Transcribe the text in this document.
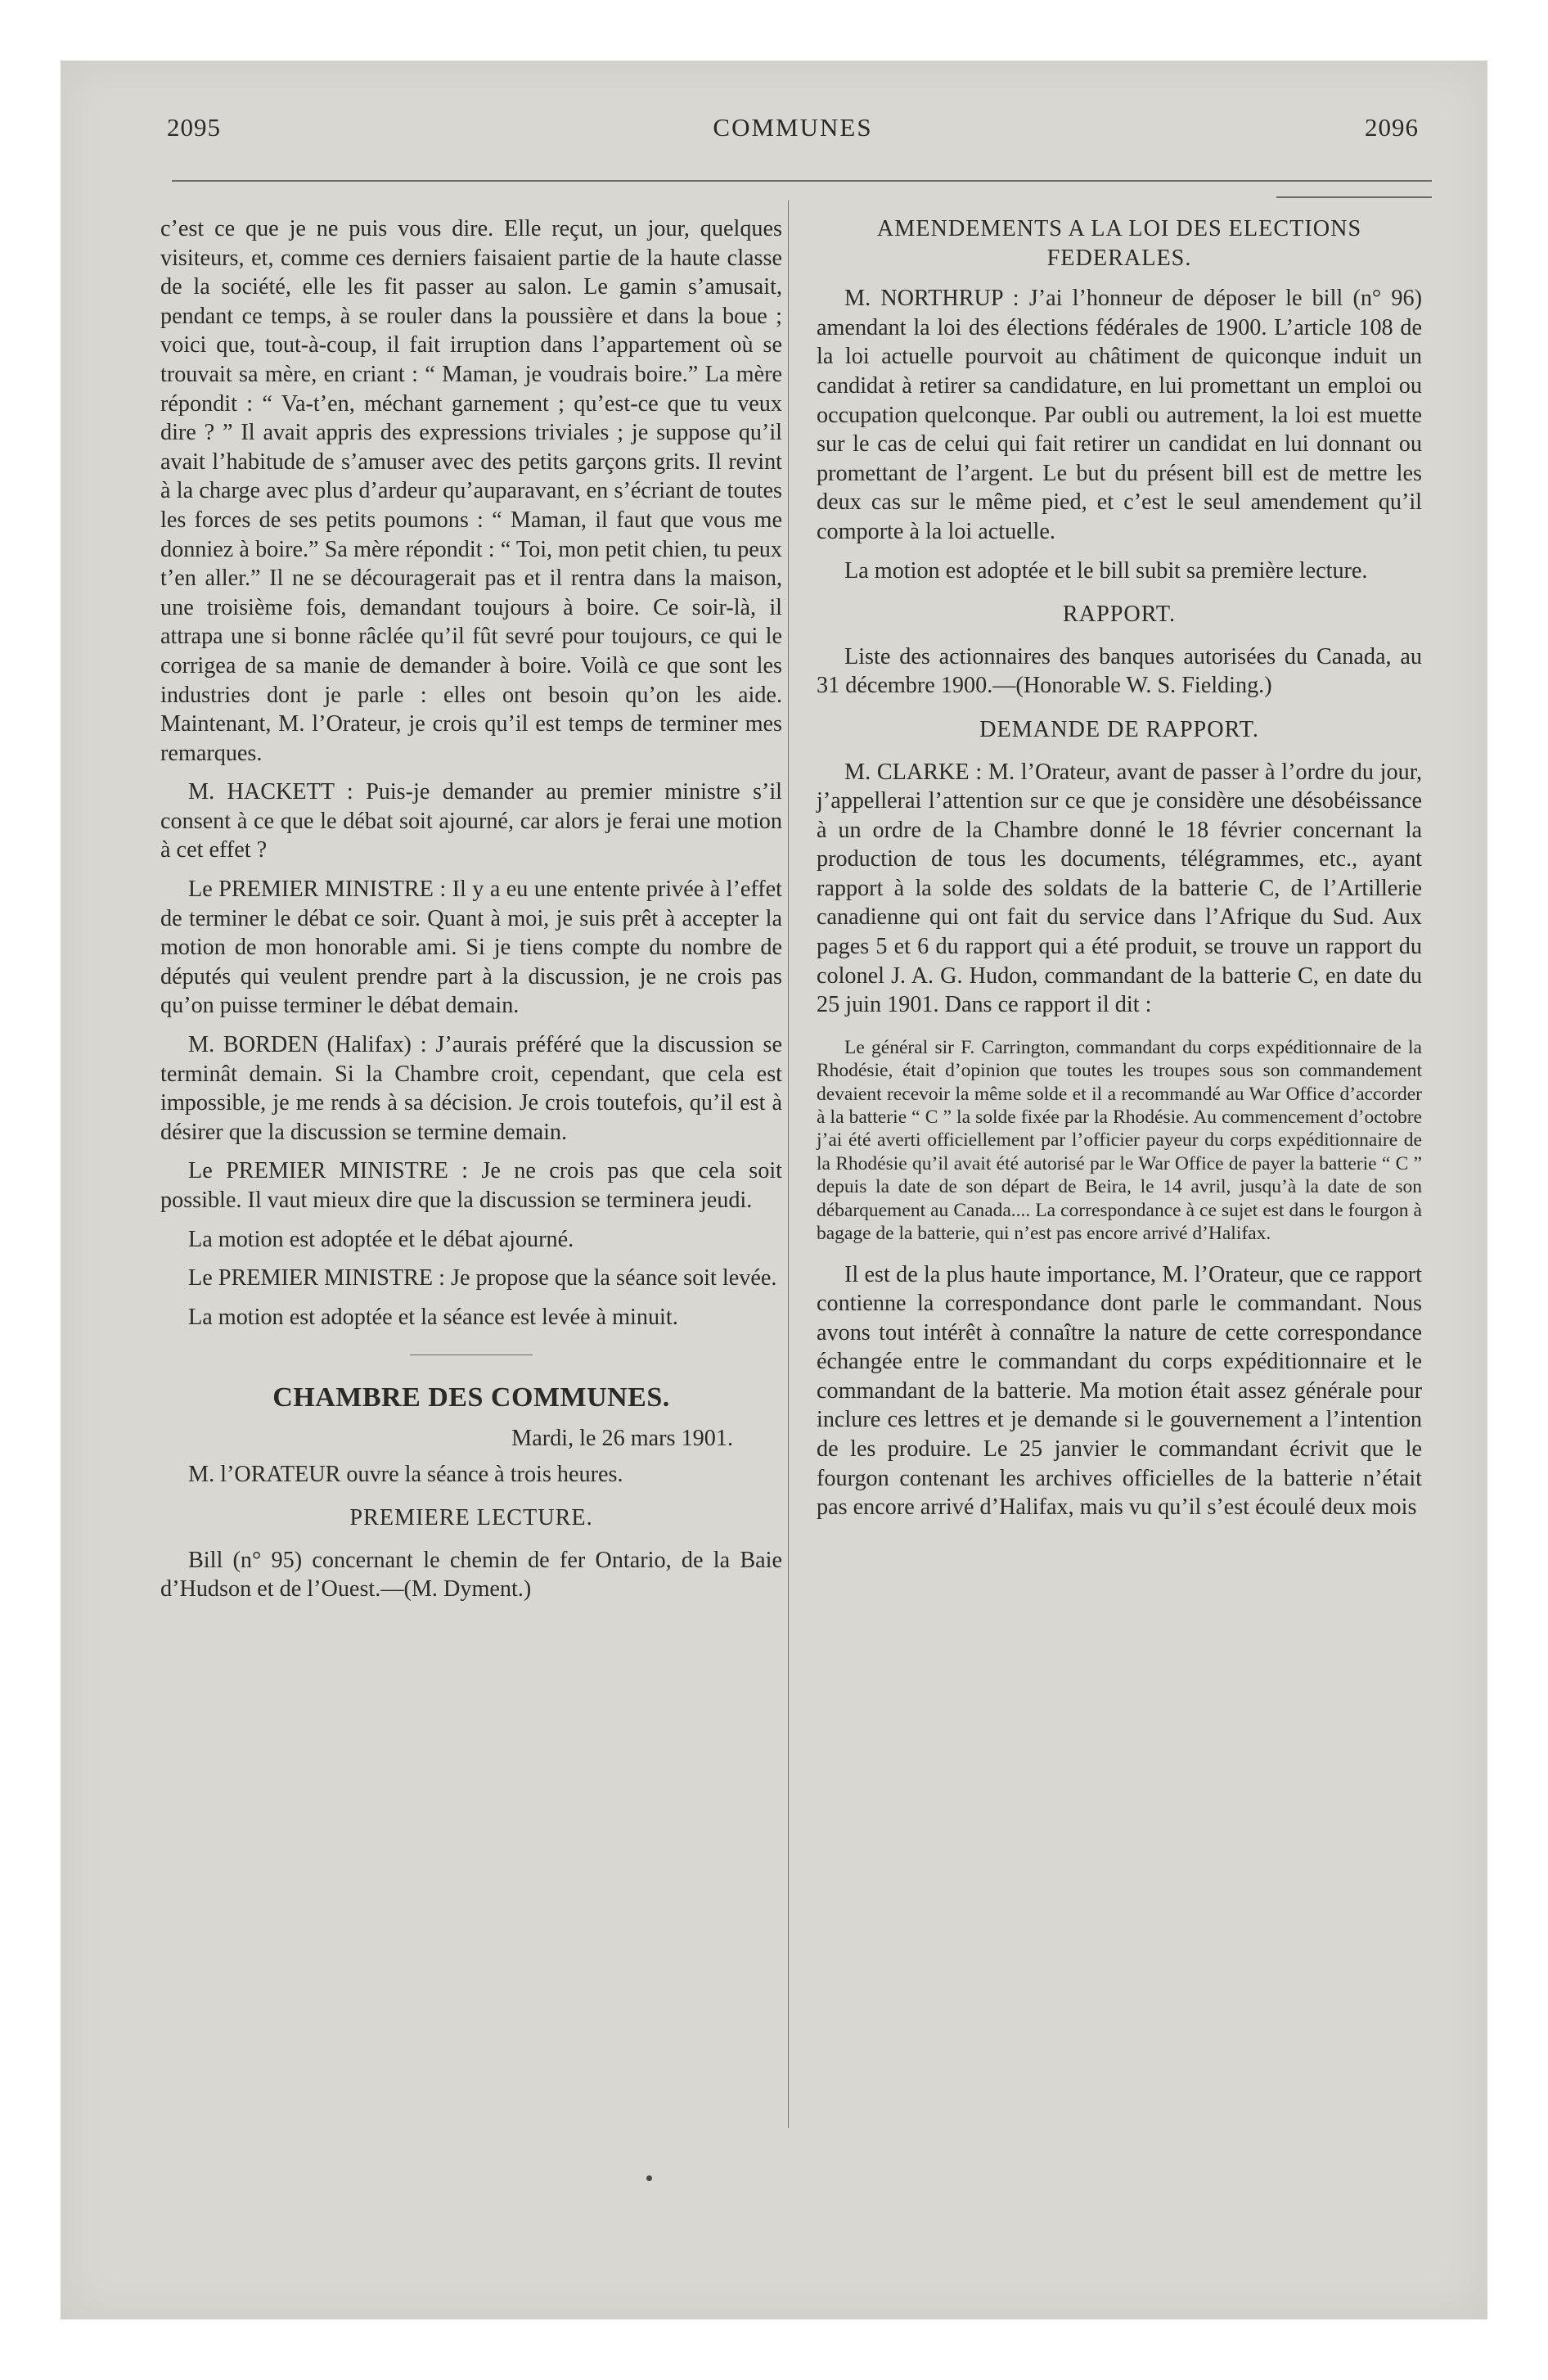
2095	COMMUNES	2096

c’est ce que je ne puis vous dire. Elle reçut, un jour, quelques visiteurs, et, comme ces derniers faisaient partie de la haute classe de la société, elle les fit passer au salon. Le gamin s’amusait, pendant ce temps, à se rouler dans la poussière et dans la boue ; voici que, tout-à-coup, il fait irruption dans l’appartement où se trouvait sa mère, en criant : “ Maman, je voudrais boire.” La mère répondit : “ Va-t’en, méchant garnement ; qu’est-ce que tu veux dire ? ” Il avait appris des expressions triviales ; je suppose qu’il avait l’habitude de s’amuser avec des petits garçons grits. Il revint à la charge avec plus d’ardeur qu’auparavant, en s’écriant de toutes les forces de ses petits poumons : “ Maman, il faut que vous me donniez à boire.” Sa mère répondit : “ Toi, mon petit chien, tu peux t’en aller.” Il ne se découragerait pas et il rentra dans la maison, une troisième fois, demandant toujours à boire. Ce soir-là, il attrapa une si bonne râclée qu’il fût sevré pour toujours, ce qui le corrigea de sa manie de demander à boire. Voilà ce que sont les industries dont je parle : elles ont besoin qu’on les aide. Maintenant, M. l’Orateur, je crois qu’il est temps de terminer mes remarques.

M. HACKETT : Puis-je demander au premier ministre s’il consent à ce que le débat soit ajourné, car alors je ferai une motion à cet effet ?

Le PREMIER MINISTRE : Il y a eu une entente privée à l’effet de terminer le débat ce soir. Quant à moi, je suis prêt à accepter la motion de mon honorable ami. Si je tiens compte du nombre de députés qui veulent prendre part à la discussion, je ne crois pas qu’on puisse terminer le débat demain.

M. BORDEN (Halifax) : J’aurais préféré que la discussion se terminât demain. Si la Chambre croit, cependant, que cela est impossible, je me rends à sa décision. Je crois toutefois, qu’il est à désirer que la discussion se termine demain.

Le PREMIER MINISTRE : Je ne crois pas que cela soit possible. Il vaut mieux dire que la discussion se terminera jeudi.

La motion est adoptée et le débat ajourné.

Le PREMIER MINISTRE : Je propose que la séance soit levée.

La motion est adoptée et la séance est levée à minuit.

CHAMBRE DES COMMUNES.
Mardi, le 26 mars 1901.

M. l’ORATEUR ouvre la séance à trois heures.

PREMIERE LECTURE.

Bill (n° 95) concernant le chemin de fer Ontario, de la Baie d’Hudson et de l’Ouest.—(M. Dyment.)

AMENDEMENTS A LA LOI DES ELECTIONS FEDERALES.

M. NORTHRUP : J’ai l’honneur de déposer le bill (n° 96) amendant la loi des élections fédérales de 1900. L’article 108 de la loi actuelle pourvoit au châtiment de quiconque induit un candidat à retirer sa candidature, en lui promettant un emploi ou occupation quelconque. Par oubli ou autrement, la loi est muette sur le cas de celui qui fait retirer un candidat en lui donnant ou promettant de l’argent. Le but du présent bill est de mettre les deux cas sur le même pied, et c’est le seul amendement qu’il comporte à la loi actuelle.

La motion est adoptée et le bill subit sa première lecture.

RAPPORT.

Liste des actionnaires des banques autorisées du Canada, au 31 décembre 1900.—(Honorable W. S. Fielding.)

DEMANDE DE RAPPORT.

M. CLARKE : M. l’Orateur, avant de passer à l’ordre du jour, j’appellerai l’attention sur ce que je considère une désobéissance à un ordre de la Chambre donné le 18 février concernant la production de tous les documents, télégrammes, etc., ayant rapport à la solde des soldats de la batterie C, de l’Artillerie canadienne qui ont fait du service dans l’Afrique du Sud. Aux pages 5 et 6 du rapport qui a été produit, se trouve un rapport du colonel J. A. G. Hudon, commandant de la batterie C, en date du 25 juin 1901. Dans ce rapport il dit :

Le général sir F. Carrington, commandant du corps expéditionnaire de la Rhodésie, était d’opinion que toutes les troupes sous son commandement devaient recevoir la même solde et il a recommandé au War Office d’accorder à la batterie “ C ” la solde fixée par la Rhodésie. Au commencement d’octobre j’ai été averti officiellement par l’officier payeur du corps expéditionnaire de la Rhodésie qu’il avait été autorisé par le War Office de payer la batterie “ C ” depuis la date de son départ de Beira, le 14 avril, jusqu’à la date de son débarquement au Canada.... La correspondance à ce sujet est dans le fourgon à bagage de la batterie, qui n’est pas encore arrivé d’Halifax.

Il est de la plus haute importance, M. l’Orateur, que ce rapport contienne la correspondance dont parle le commandant. Nous avons tout intérêt à connaître la nature de cette correspondance échangée entre le commandant du corps expéditionnaire et le commandant de la batterie. Ma motion était assez générale pour inclure ces lettres et je demande si le gouvernement a l’intention de les produire. Le 25 janvier le commandant écrivit que le fourgon contenant les archives officielles de la batterie n’était pas encore arrivé d’Halifax, mais vu qu’il s’est écoulé deux mois
